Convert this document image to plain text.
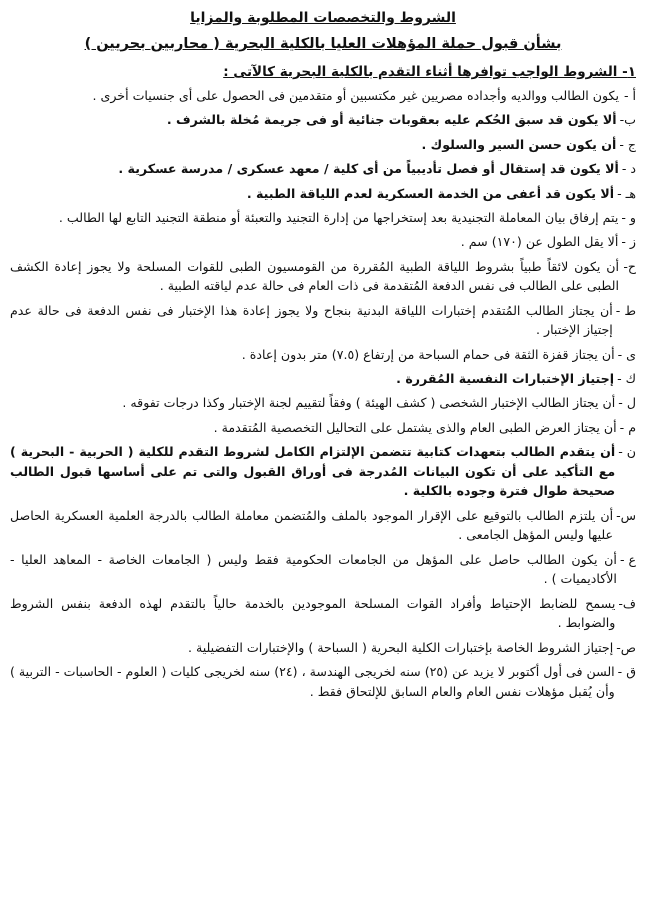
الشروط والتخصصات المطلوبة والمزايا
بشأن قبول حملة المؤهلات العليا بالكلية البحرية ( محاربين بحريين )
١- الشروط الواجب توافرها أثناء التقدم بالكلية البحرية كالآتى :
أ -
يكون الطالب ووالديه وأجداده مصريين غير مكتسبين أو متقدمين فى الحصول على أى جنسيات أخرى .
ب-
ألا يكون قد سبق الحُكم عليه بعقوبات جنائية أو فى جريمة مُخلة بالشرف .
ج -
أن يكون حسن السير والسلوك .
د -
ألا يكون قد إستقال أو فصل تأديبياً من أى كلية / معهد عسكرى / مدرسة عسكرية .
هـ -
ألا يكون قد أعفى من الخدمة العسكرية لعدم اللياقة الطبية .
و -
يتم إرفاق بيان المعاملة التجنيدية بعد إستخراجها من إدارة التجنيد والتعبئة أو منطقة التجنيد التابع لها الطالب .
ز -
ألا يقل الطول عن (١٧٠) سم .
ح-
أن يكون لائقاً طبياً بشروط اللياقة الطبية المُقررة من القومسيون الطبى للقوات المسلحة ولا يجوز إعادة الكشف الطبى على الطالب فى نفس الدفعة المُتقدمة فى ذات العام فى حالة عدم لياقته الطبية .
ط -
أن يجتاز الطالب المُتقدم إختبارات اللياقة البدنية بنجاح ولا يجوز إعادة هذا الإختبار فى نفس الدفعة فى حالة عدم إجتياز الإختبار .
ى -
أن يجتاز قفزة الثقة فى حمام السباحة من إرتفاع (٧.٥) متر بدون إعادة .
ك -
إجتياز الإختبارات النفسية المُقررة .
ل -
أن يجتاز الطالب الإختبار الشخصى ( كشف الهيئة ) وفقاً لتقييم لجنة الإختبار وكذا درجات تفوقه .
م -
أن يجتاز العرض الطبى العام والذى يشتمل على التحاليل التخصصية المُتقدمة .
ن -
أن يتقدم الطالب بتعهدات كتابية تتضمن الإلتزام الكامل لشروط التقدم للكلية ( الحربية - البحرية ) مع التأكيد على أن تكون البيانات المُدرجة فى أوراق القبول والتى تم على أساسها قبول الطالب صحيحة طوال فترة وجوده بالكلية .
س-
أن يلتزم الطالب بالتوقيع على الإقرار الموجود بالملف والمُتضمن معاملة الطالب بالدرجة العلمية العسكرية الحاصل عليها وليس المؤهل الجامعى .
ع -
أن يكون الطالب حاصل على المؤهل من الجامعات الحكومية فقط وليس ( الجامعات الخاصة - المعاهد العليا - الأكاديميات ) .
ف-
يسمح للضابط الإحتياط وأفراد القوات المسلحة الموجودين بالخدمة حالياً بالتقدم لهذه الدفعة بنفس الشروط والضوابط .
ص-
إجتياز الشروط الخاصة بإختبارات الكلية البحرية ( السباحة ) والإختبارات التفضيلية .
ق -
السن فى أول أكتوبر لا يزيد عن (٢٥) سنه لخريجى الهندسة ، (٢٤) سنه لخريجى كليات ( العلوم - الحاسبات - التربية ) وأن يُقبل مؤهلات نفس العام والعام السابق للإلتحاق فقط .
